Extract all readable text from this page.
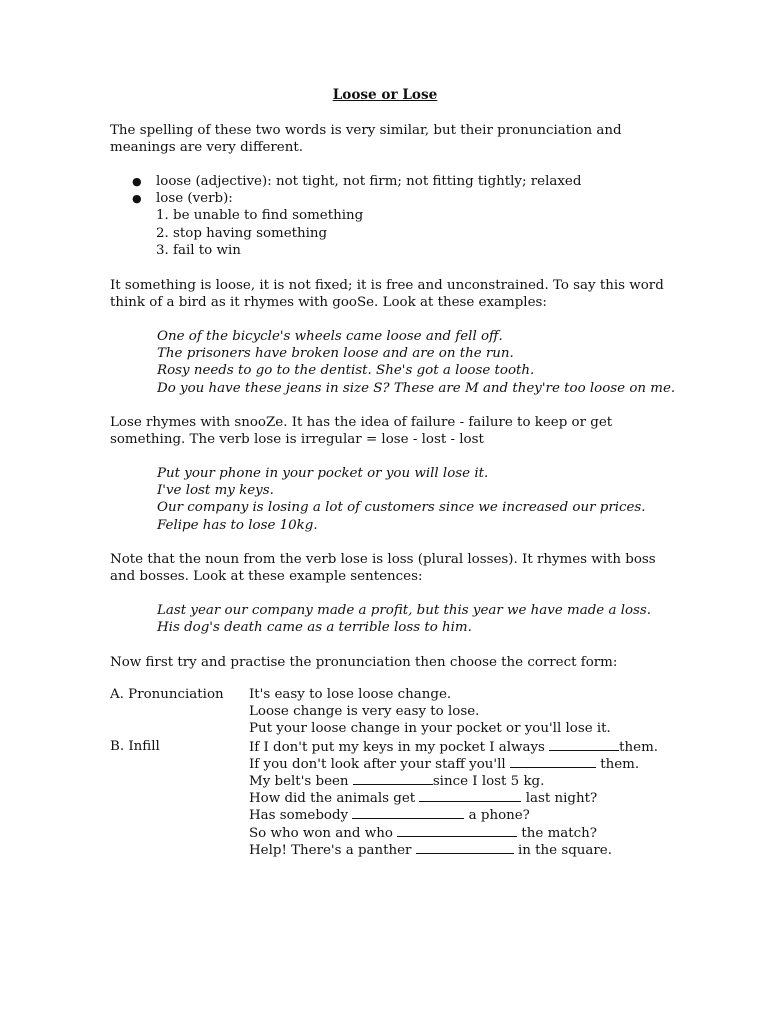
Loose or Lose
The spelling of these two words is very similar, but their pronunciation and
meanings are very different.
● loose (adjective): not tight, not firm; not fitting tightly; relaxed
● lose (verb):
1. be unable to find something
2. stop having something
3. fail to win
It something is loose, it is not fixed; it is free and unconstrained. To say this word
think of a bird as it rhymes with gooSe. Look at these examples:
One of the bicycle's wheels came loose and fell off.
The prisoners have broken loose and are on the run.
Rosy needs to go to the dentist. She's got a loose tooth.
Do you have these jeans in size S? These are M and they're too loose on me.
Lose rhymes with snooZe. It has the idea of failure - failure to keep or get
something. The verb lose is irregular = lose - lost - lost
Put your phone in your pocket or you will lose it.
I've lost my keys.
Our company is losing a lot of customers since we increased our prices.
Felipe has to lose 10kg.
Note that the noun from the verb lose is loss (plural losses). It rhymes with boss
and bosses. Look at these example sentences:
Last year our company made a profit, but this year we have made a loss.
His dog's death came as a terrible loss to him.
Now first try and practise the pronunciation then choose the correct form:
A. Pronunciation It's easy to lose loose change.
Loose change is very easy to lose.
Put your loose change in your pocket or you'll lose it.
B. Infill	If I don't put my keys in my pocket I always	them.
If you don't look after your staff you'll	them.
My belt's been	since I lost 5 kg.
How did the animals get	last night?
Has somebody	a phone?
So who won and who	the match?
Help! There's a panther	in the square.
